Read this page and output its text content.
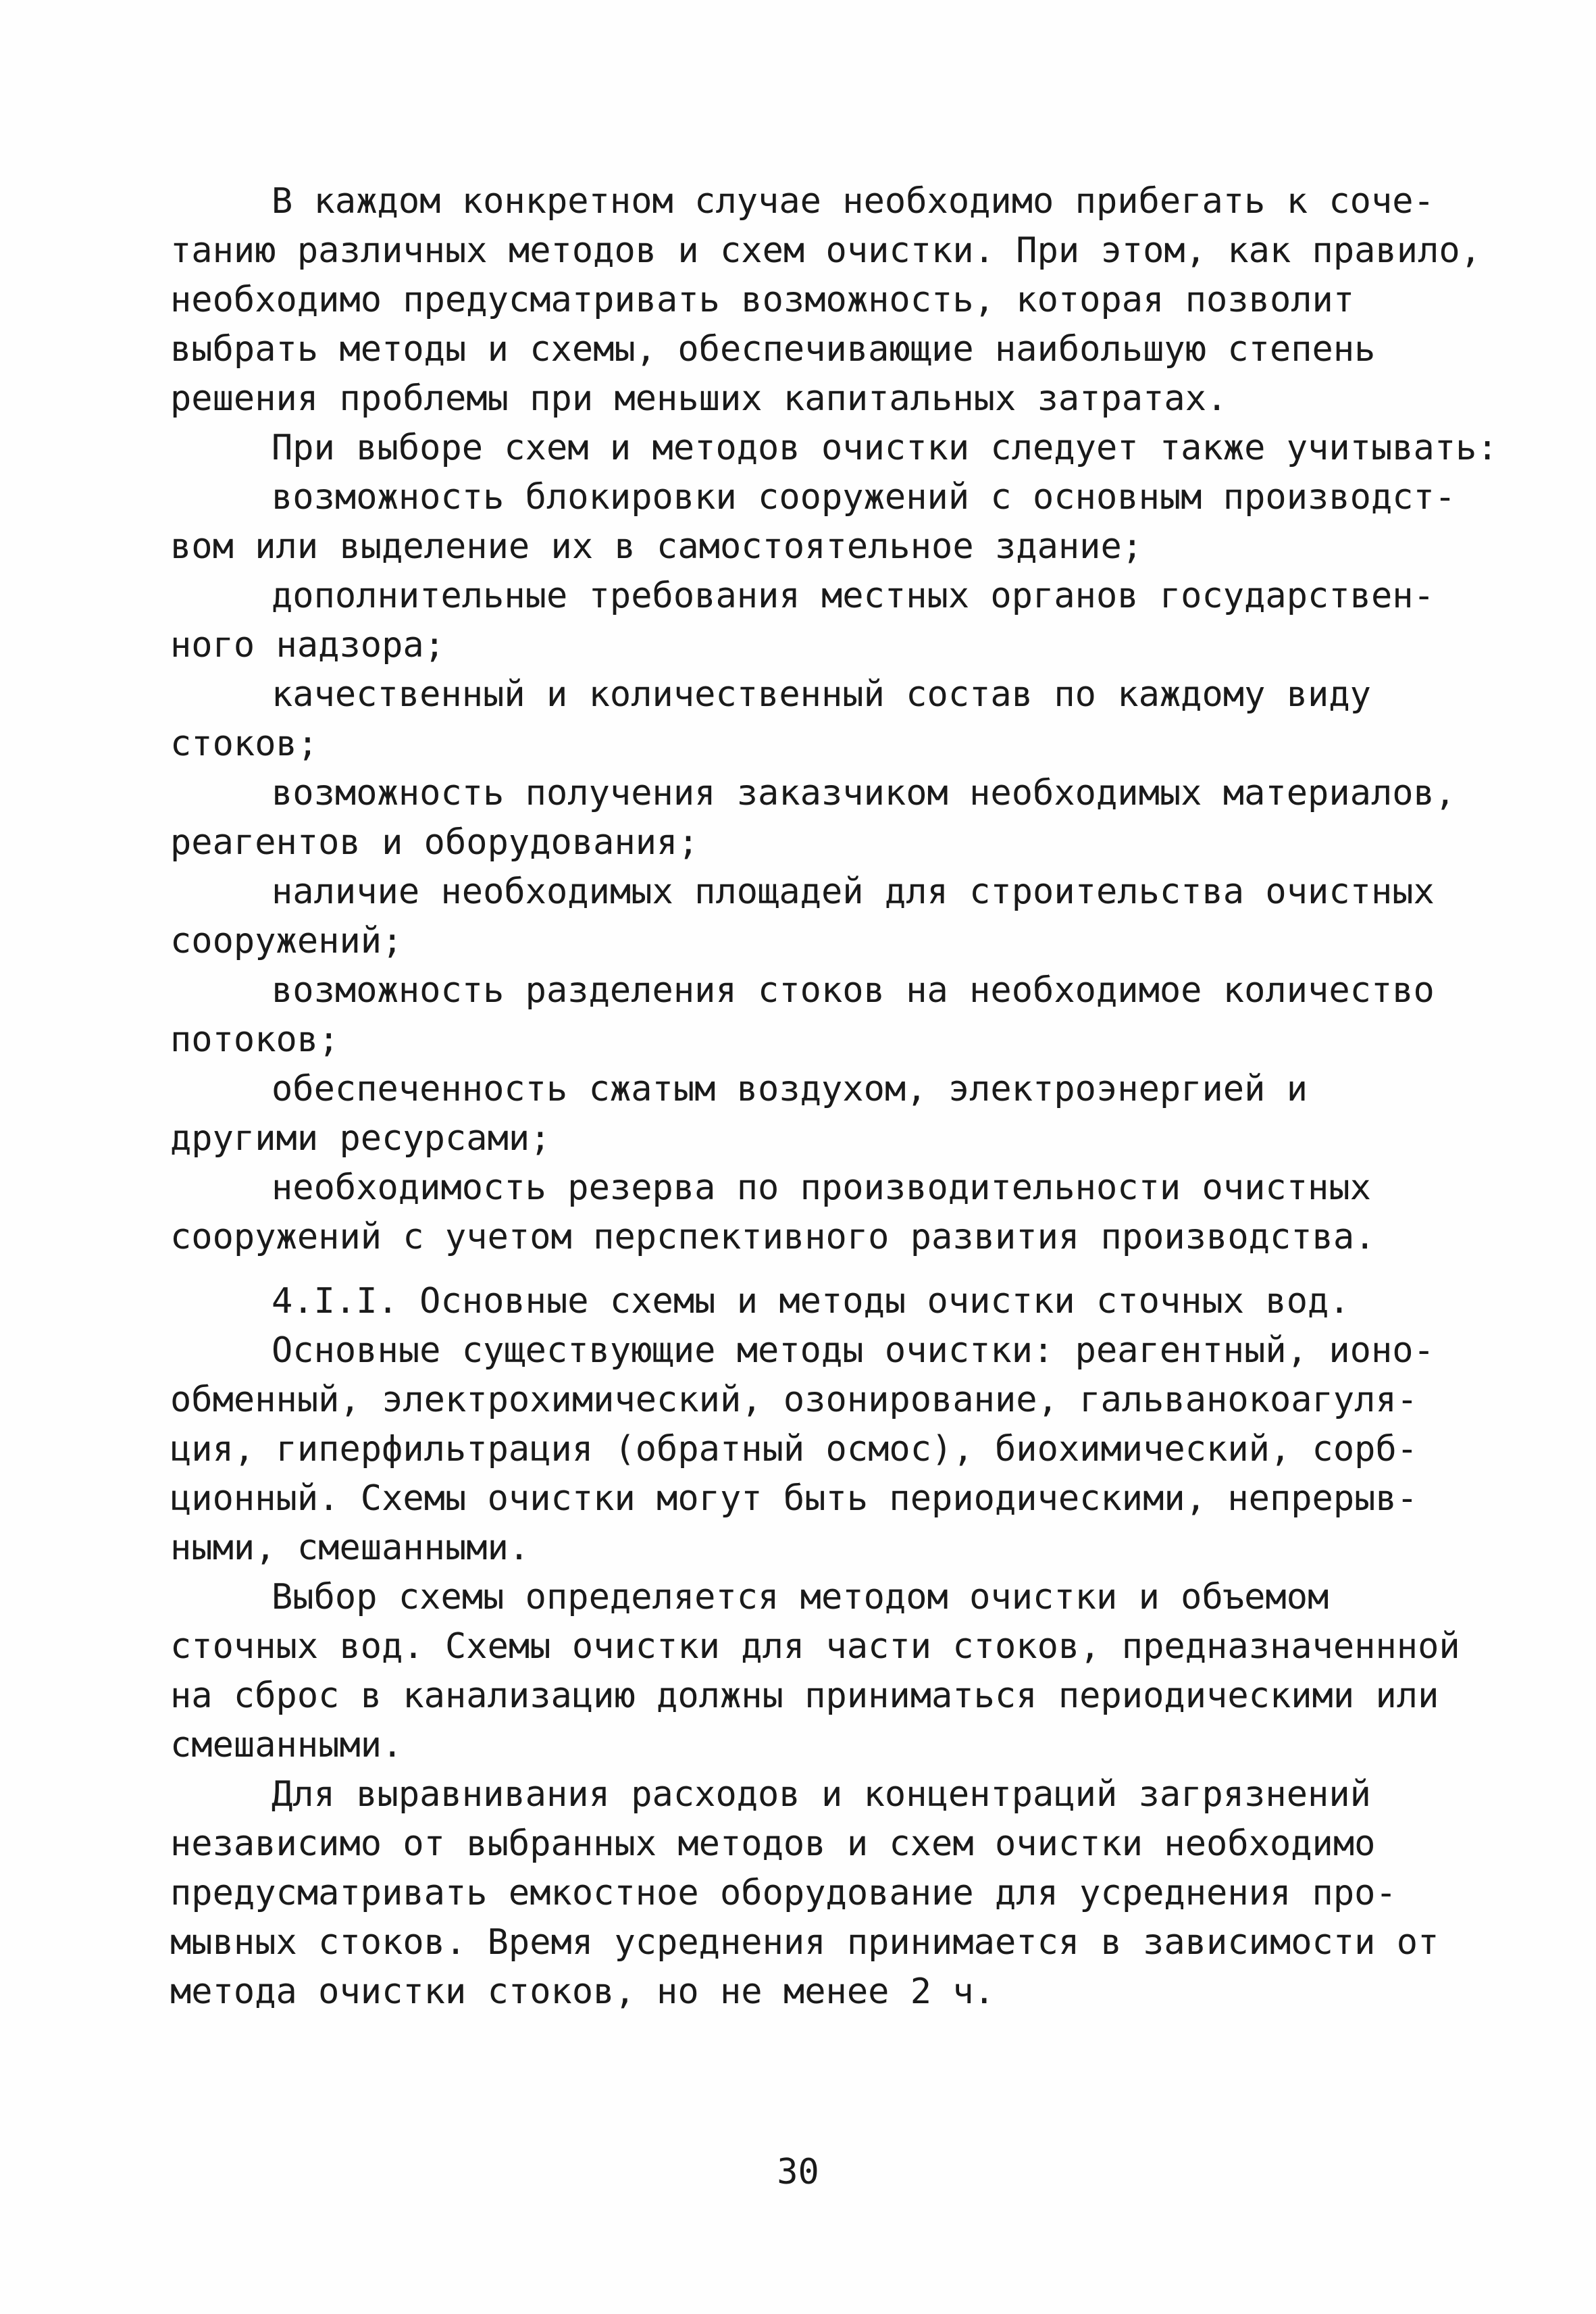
В каждом конкретном случае необходимо прибегать к соче-
танию различных методов и схем очистки. При этом, как правило,
необходимо предусматривать возможность, которая позволит
выбрать методы и схемы, обеспечивающие наибольшую степень
решения проблемы при меньших капитальных затратах.
При выборе схем и методов очистки следует также учитывать:
возможность блокировки сооружений с основным производст-
вом или выделение их в самостоятельное здание;
дополнительные требования местных органов государствен-
ного надзора;
качественный и количественный состав по каждому виду
стоков;
возможность получения заказчиком необходимых материалов,
реагентов и оборудования;
наличие необходимых площадей для строительства очистных
сооружений;
возможность разделения стоков на необходимое количество
потоков;
обеспеченность сжатым воздухом, электроэнергией и
другими ресурсами;
необходимость резерва по производительности очистных
сооружений с учетом перспективного развития производства.
4.I.I. Основные схемы и методы очистки сточных вод.
Основные существующие методы очистки: реагентный, ионо-
обменный, электрохимический, озонирование, гальванокоагуля-
ция, гиперфильтрация (обратный осмос), биохимический, сорб-
ционный. Схемы очистки могут быть периодическими, непрерыв-
ными, смешанными.
Выбор схемы определяется методом очистки и объемом
сточных вод. Схемы очистки для части стоков, предназначеннной
на сброс в канализацию должны приниматься периодическими или
смешанными.
Для выравнивания расходов и концентраций загрязнений
независимо от выбранных методов и схем очистки необходимо
предусматривать емкостное оборудование для усреднения про-
мывных стоков. Время усреднения принимается в зависимости от
метода очистки стоков, но не менее 2 ч.
30
